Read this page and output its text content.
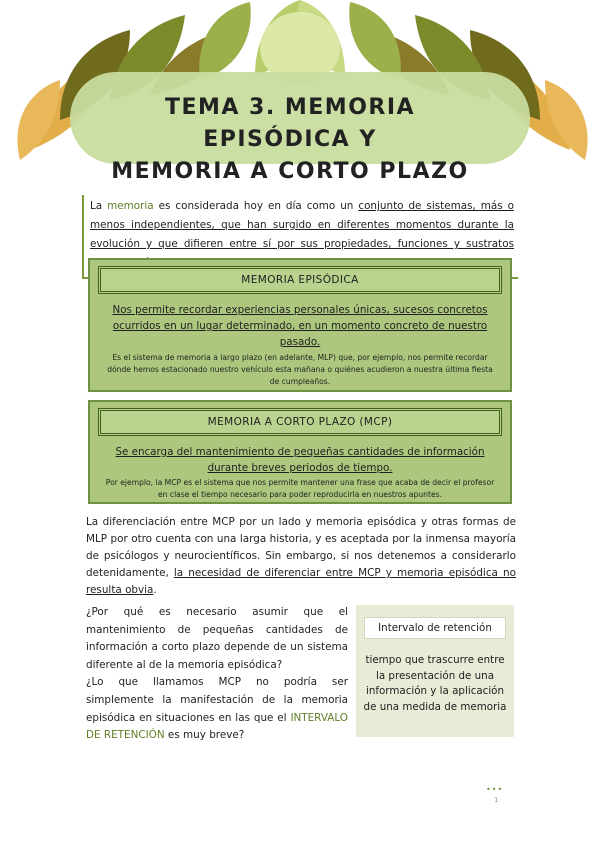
TEMA 3. MEMORIA EPISÓDICA Y
MEMORIA A CORTO PLAZO
La memoria es considerada hoy en día como un conjunto de sistemas, más o menos independientes, que han surgido en diferentes momentos durante la evolución y que difieren entre sí por sus propiedades, funciones y sustratos
MEMORIA EPISÓDICA
Nos permite recordar experiencias personales únicas, sucesos concretos ocurridos en un lugar determinado, en un momento concreto de nuestro pasado.
Es el sistema de memoria a largo plazo (en adelante, MLP) que, por ejemplo, nos permite recordar dónde hemos estacionado nuestro vehículo esta mañana o quiénes acudieron a nuestra última fiesta de cumpleaños.
MEMORIA A CORTO PLAZO (MCP)
Se encarga del mantenimiento de pequeñas cantidades de información durante breves periodos de tiempo.
Por ejemplo, la MCP es el sistema que nos permite mantener una frase que acaba de decir el profesor en clase el tiempo necesario para poder reproducirla en nuestros apuntes.
La diferenciación entre MCP por un lado y memoria episódica y otras formas de MLP por otro cuenta con una larga historia, y es aceptada por la inmensa mayoría de psicólogos y neurocientíficos. Sin embargo, si nos detenemos a considerarlo detenidamente, la necesidad de diferenciar entre MCP y memoria episódica no resulta obvia.
¿Por qué es necesario asumir que el mantenimiento de pequeñas cantidades de información a corto plazo depende de un sistema diferente al de la memoria episódica?
¿Lo que llamamos MCP no podría ser simplemente la manifestación de la memoria episódica en situaciones en las que el INTERVALO DE RETENCIÓN es muy breve?
Intervalo de retención
tiempo que trascurre entre la presentación de una información y la aplicación de una medida de memoria
•••
1
